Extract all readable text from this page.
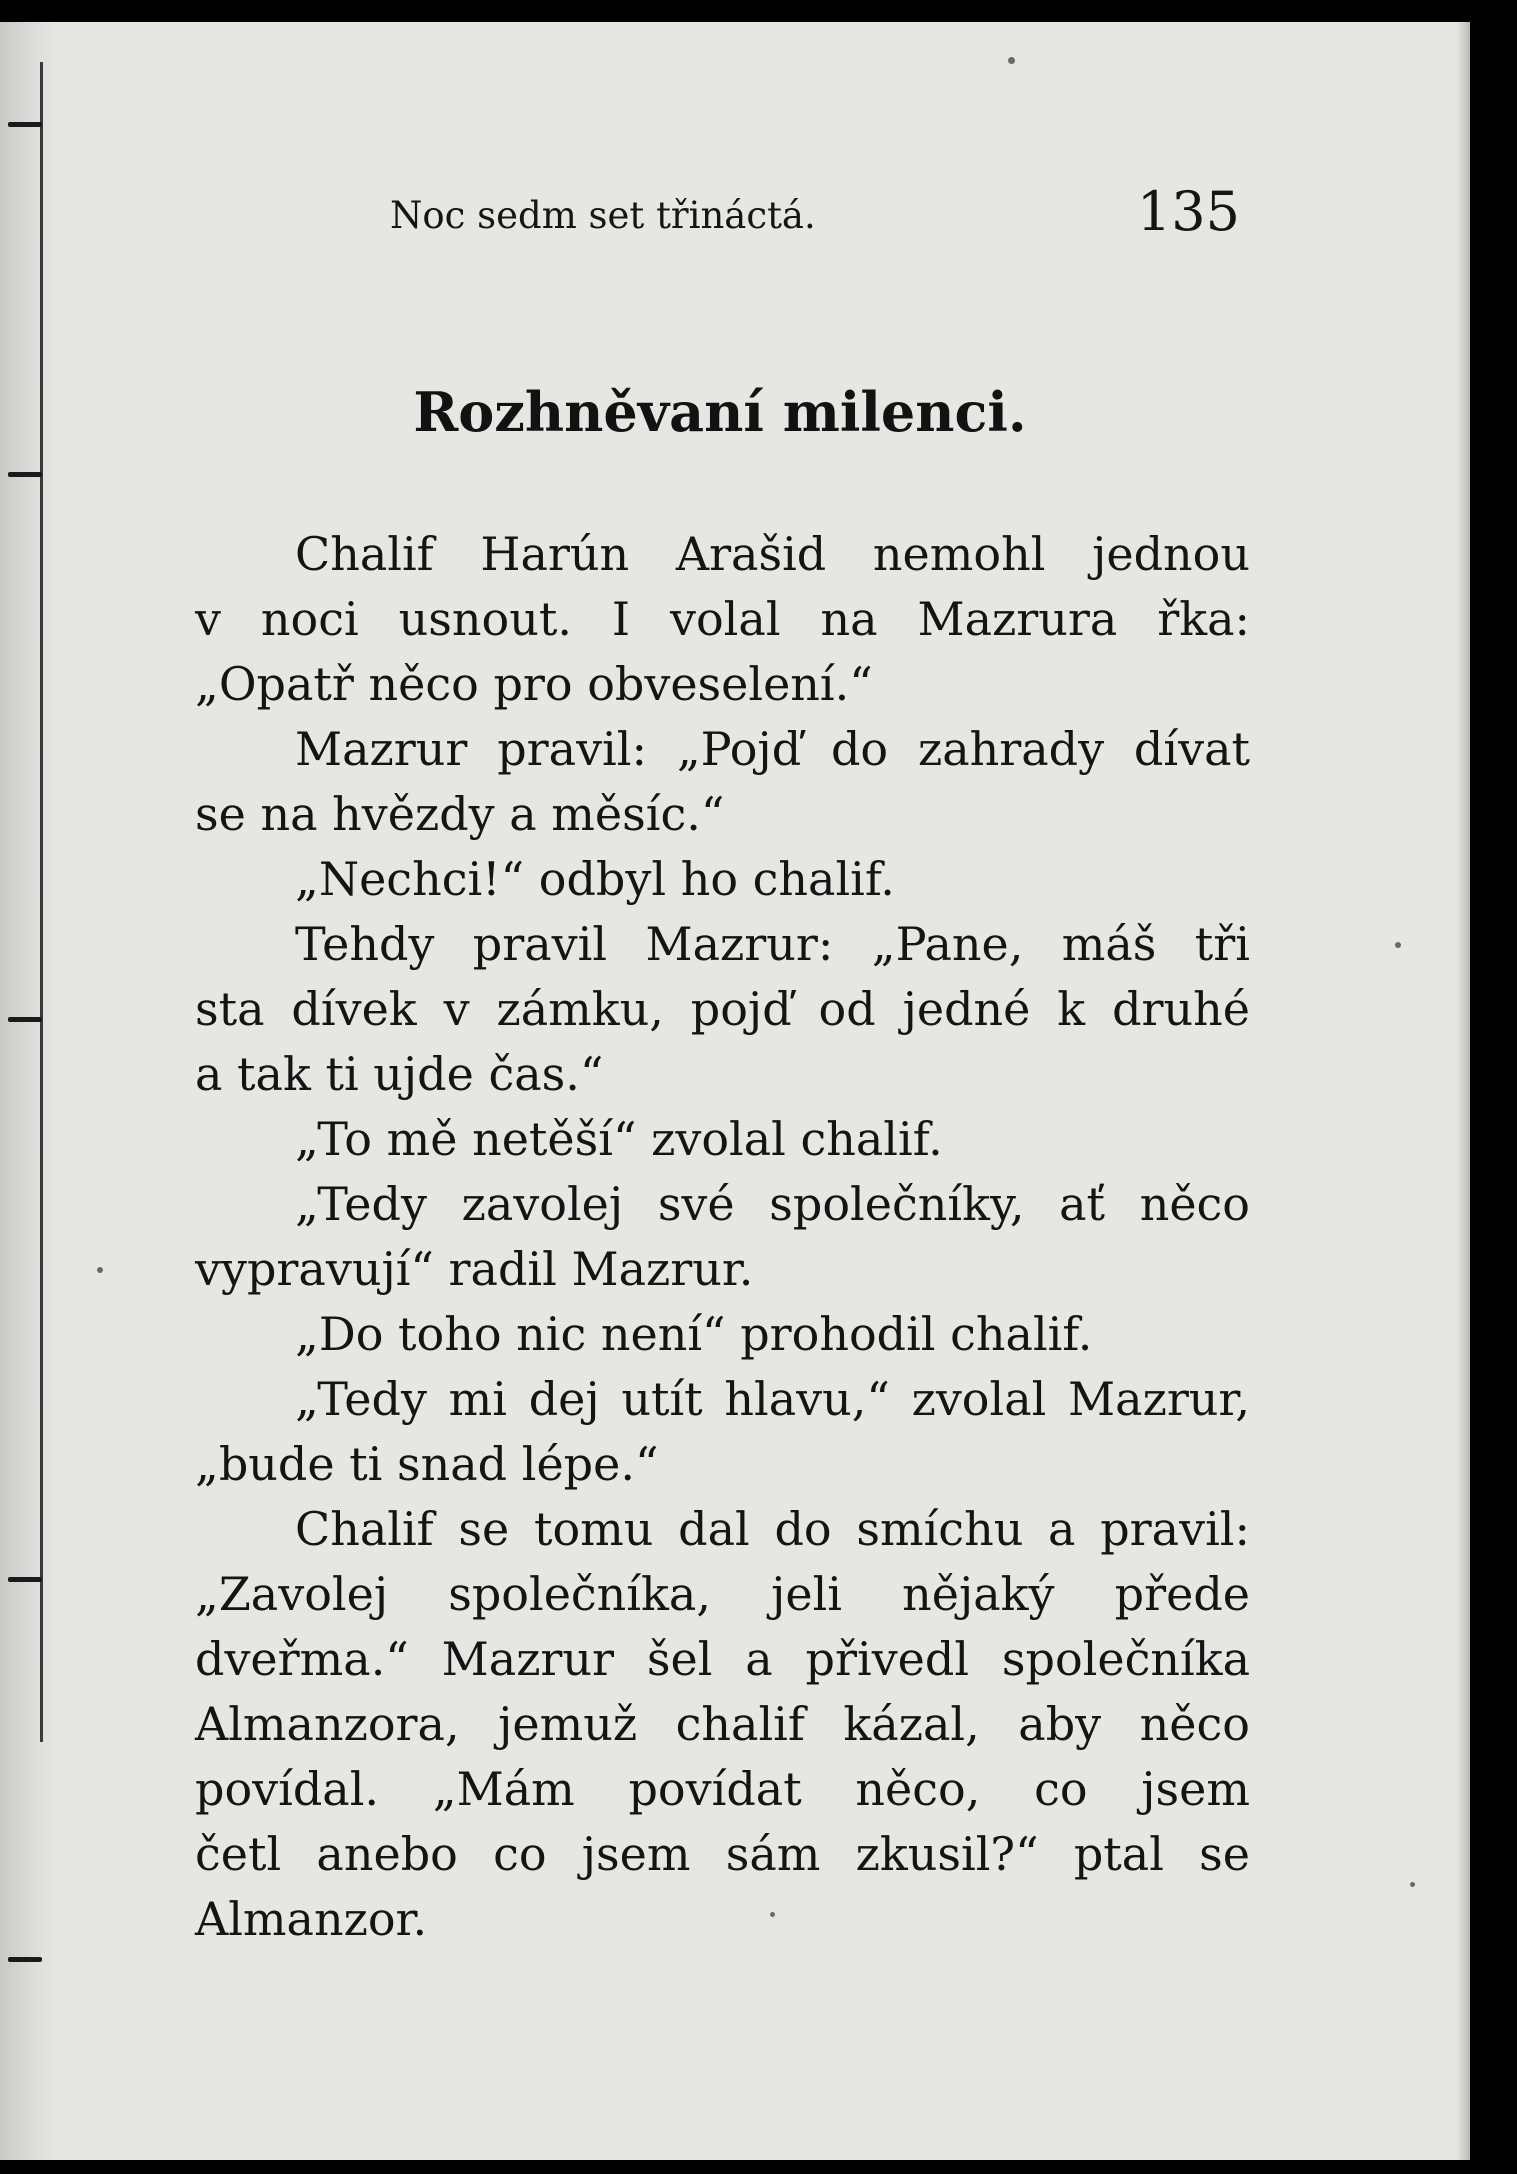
Noc sedm set třináctá.	135
Rozhněvaní milenci.
Chalif Harún Arašid nemohl jednou
v noci usnout. I volal na Mazrura řka:
„Opatř něco pro obveselení.“
Mazrur pravil: „Pojď do zahrady dívat
se na hvězdy a měsíc.“
„Nechci!“ odbyl ho chalif.
Tehdy pravil Mazrur: „Pane, máš tři
sta dívek v zámku, pojď od jedné k druhé
a tak ti ujde čas.“
„To mě netěší“ zvolal chalif.
„Tedy zavolej své společníky, ať něco
vypravují“ radil Mazrur.
„Do toho nic není“ prohodil chalif.
„Tedy mi dej utít hlavu,“ zvolal Mazrur,
„bude ti snad lépe.“
Chalif se tomu dal do smíchu a pravil:
„Zavolej společníka, jeli nějaký přede
dveřma.“ Mazrur šel a přivedl společníka
Almanzora, jemuž chalif kázal, aby něco
povídal. „Mám povídat něco, co jsem
četl anebo co jsem sám zkusil?“ ptal se
Almanzor.
